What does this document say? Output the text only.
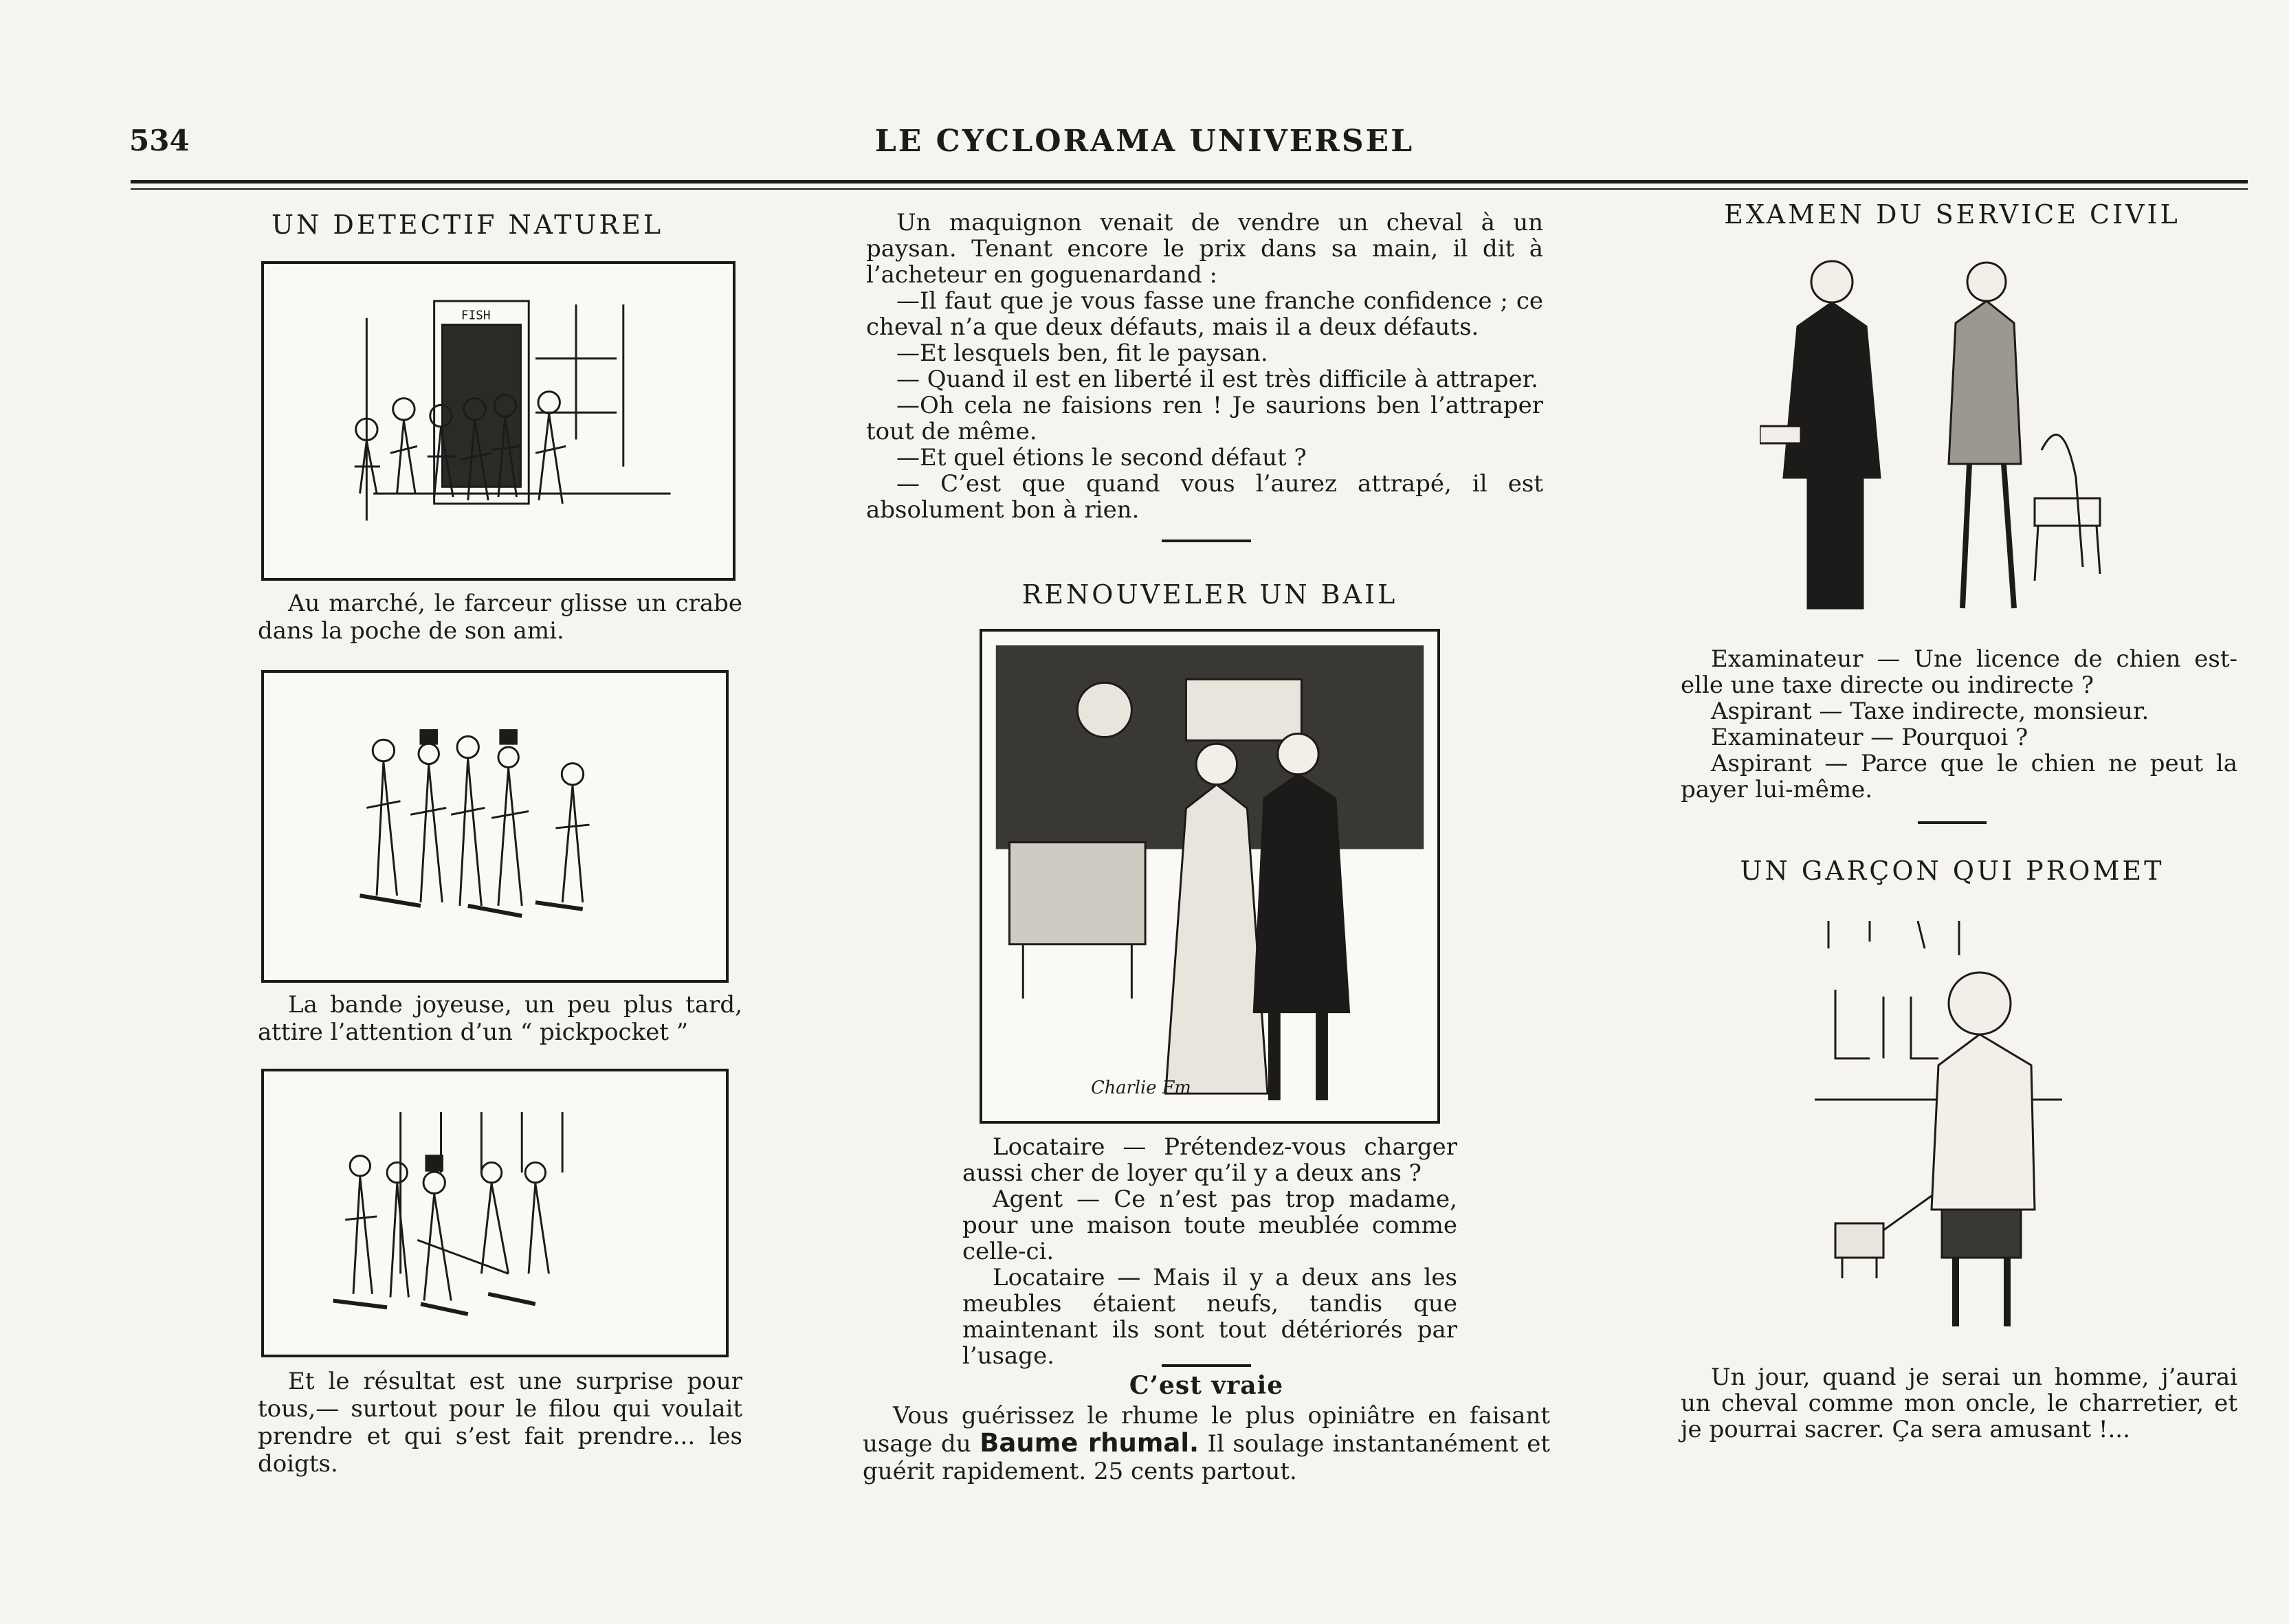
534	LE CYCLORAMA UNIVERSEL
UN DETECTIF NATUREL
FISH

Au marché, le farceur glisse un crabe dans la poche de son ami.

La bande joyeuse, un peu plus tard, attire l’attention d’un “ pickpocket ”

Et le résultat est une surprise pour tous,— surtout pour le filou qui voulait prendre et qui s’est fait prendre... les doigts.

Un maquignon venait de vendre un cheval à un paysan. Tenant encore le prix dans sa main, il dit à l’acheteur en goguenardand :

—Il faut que je vous fasse une franche confidence ; ce cheval n’a que deux défauts, mais il a deux défauts.

—Et lesquels ben, fit le paysan.

— Quand il est en liberté il est très difficile à attraper.

—Oh cela ne faisions ren ! Je saurions ben l’attraper tout de même.

—Et quel étions le second défaut ?

— C’est que quand vous l’aurez attrapé, il est absolument bon à rien.

RENOUVELER UN BAIL
Charlie Fm

Locataire — Prétendez-vous charger aussi cher de loyer qu’il y a deux ans ?

Agent — Ce n’est pas trop madame, pour une maison toute meublée comme celle-ci.

Locataire — Mais il y a deux ans les meubles étaient neufs, tandis que maintenant ils sont tout détériorés par l’usage.

C’est vraie

Vous guérissez le rhume le plus opiniâtre en faisant usage du Baume rhumal. Il soulage instantanément et guérit rapidement. 25 cents partout.

EXAMEN DU SERVICE CIVIL

Examinateur — Une licence de chien est-elle une taxe directe ou indirecte ?

Aspirant — Taxe indirecte, monsieur.

Examinateur — Pourquoi ?

Aspirant — Parce que le chien ne peut la payer lui-même.

UN GARÇON QUI PROMET

Un jour, quand je serai un homme, j’aurai un cheval comme mon oncle, le charretier, et je pourrai sacrer. Ça sera amusant !...
